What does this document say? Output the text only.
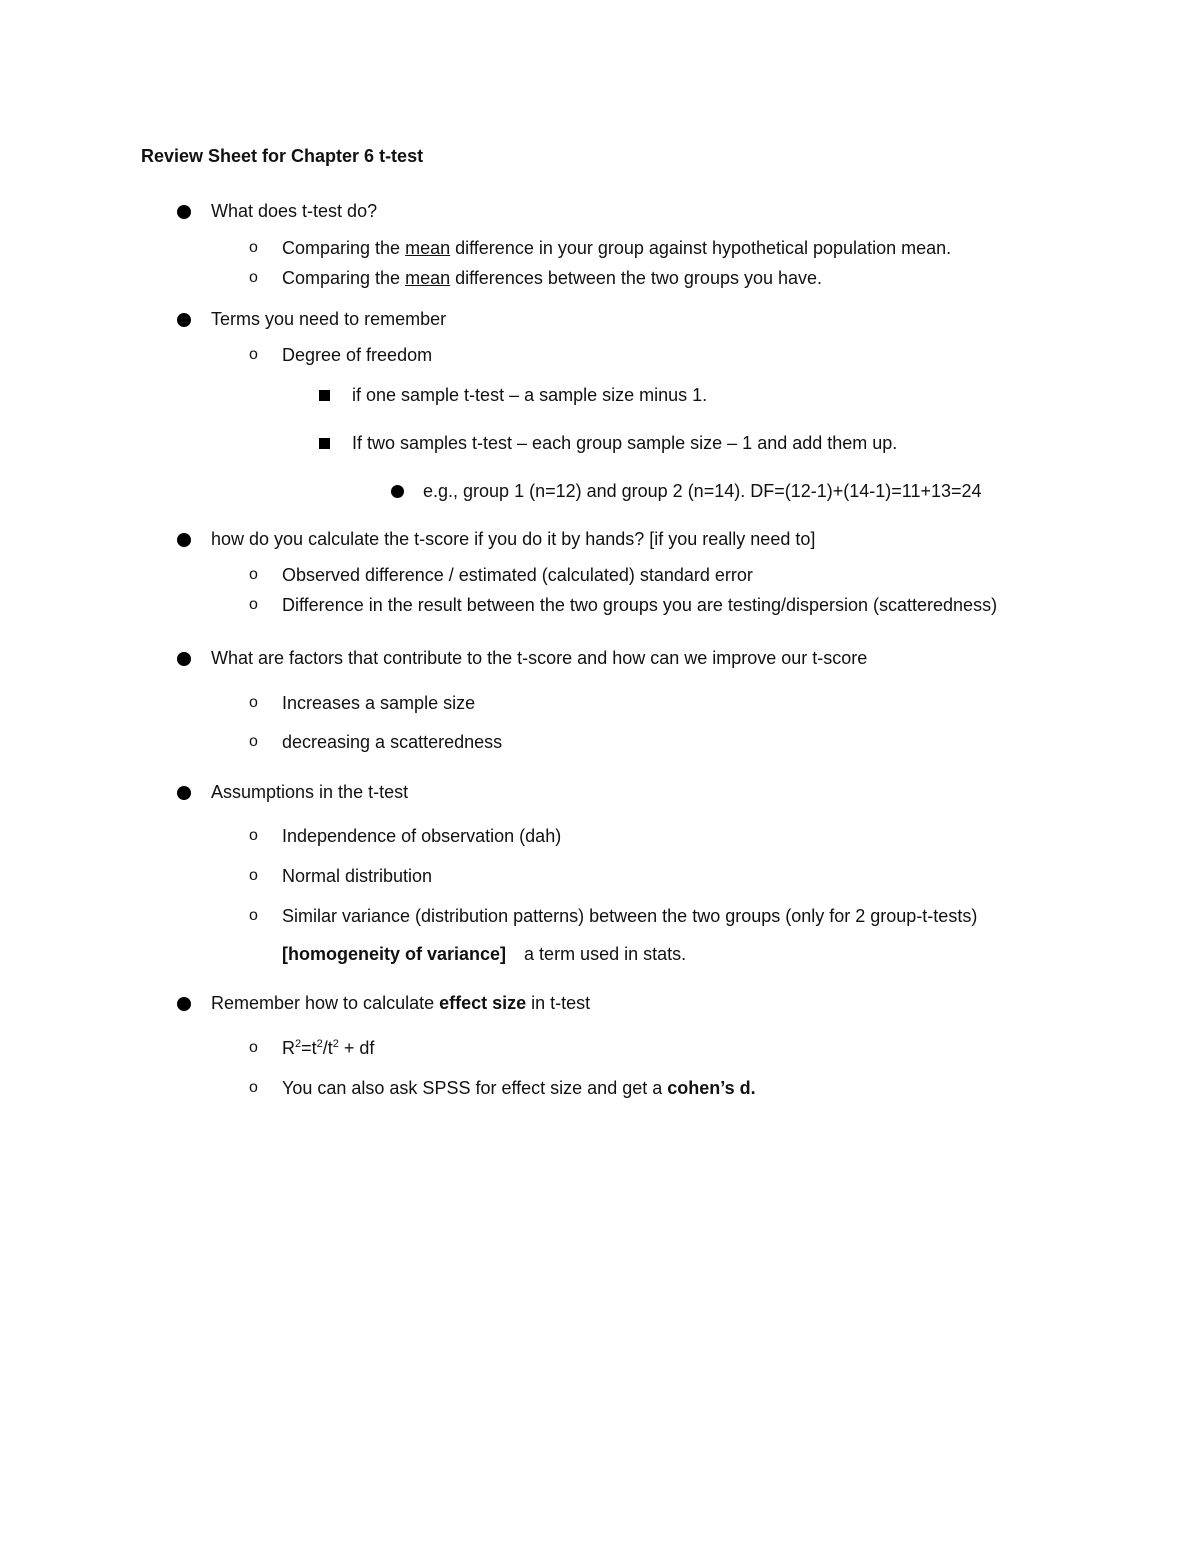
Review Sheet for Chapter 6 t-test
What does t-test do?
o Comparing the mean difference in your group against hypothetical population mean.
o Comparing the mean differences between the two groups you have.
Terms you need to remember
o Degree of freedom
if one sample t-test – a sample size minus 1.
If two samples t-test – each group sample size – 1 and add them up.
e.g., group 1 (n=12) and group 2 (n=14). DF=(12-1)+(14-1)=11+13=24
how do you calculate the t-score if you do it by hands? [if you really need to]
o Observed difference / estimated (calculated) standard error
o Difference in the result between the two groups you are testing/dispersion (scatteredness)
What are factors that contribute to the t-score and how can we improve our t-score
o Increases a sample size
o decreasing a scatteredness
Assumptions in the t-test
o Independence of observation (dah)
o Normal distribution
o Similar variance (distribution patterns) between the two groups (only for 2 group-t-tests)
[homogeneity of variance] a term used in stats.
Remember how to calculate effect size in t-test
o $R^2=t^2/t^2$ + df
o You can also ask SPSS for effect size and get a cohen’s d.
